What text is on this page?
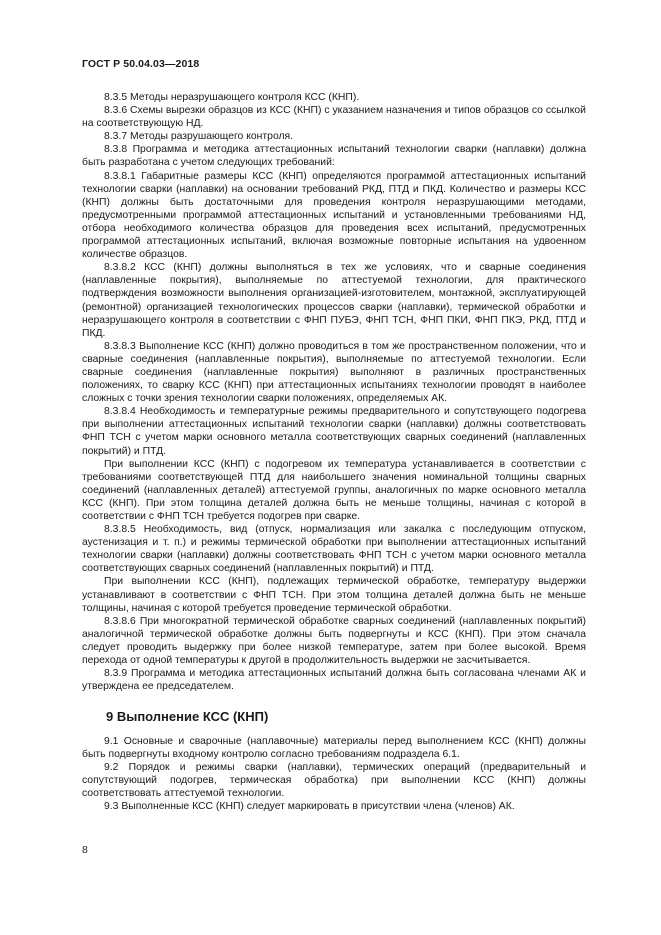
ГОСТ Р 50.04.03—2018

8.3.5 Методы неразрушающего контроля КСС (КНП).

8.3.6 Схемы вырезки образцов из КСС (КНП) с указанием назначения и типов образцов со ссылкой на соответствующую НД.

8.3.7 Методы разрушающего контроля.

8.3.8 Программа и методика аттестационных испытаний технологии сварки (наплавки) должна быть разработана с учетом следующих требований:

8.3.8.1 Габаритные размеры КСС (КНП) определяются программой аттестационных испытаний технологии сварки (наплавки) на основании требований РКД, ПТД и ПКД. Количество и размеры КСС (КНП) должны быть достаточными для проведения контроля неразрушающими методами, предусмотренными программой аттестационных испытаний и установленными требованиями НД, отбора необходимого количества образцов для проведения всех испытаний, предусмотренных программой аттестационных испытаний, включая возможные повторные испытания на удвоенном количестве образцов.

8.3.8.2 КСС (КНП) должны выполняться в тех же условиях, что и сварные соединения (наплавленные покрытия), выполняемые по аттестуемой технологии, для практического подтверждения возможности выполнения организацией-изготовителем, монтажной, эксплуатирующей (ремонтной) организацией технологических процессов сварки (наплавки), термической обработки и неразрушающего контроля в соответствии с ФНП ПУБЭ, ФНП ТСН, ФНП ПКИ, ФНП ПКЭ, РКД, ПТД и ПКД.

8.3.8.3 Выполнение КСС (КНП) должно проводиться в том же пространственном положении, что и сварные соединения (наплавленные покрытия), выполняемые по аттестуемой технологии. Если сварные соединения (наплавленные покрытия) выполняют в различных пространственных положениях, то сварку КСС (КНП) при аттестационных испытаниях технологии проводят в наиболее сложных с точки зрения технологии сварки положениях, определяемых АК.

8.3.8.4 Необходимость и температурные режимы предварительного и сопутствующего подогрева при выполнении аттестационных испытаний технологии сварки (наплавки) должны соответствовать ФНП ТСН с учетом марки основного металла соответствующих сварных соединений (наплавленных покрытий) и ПТД.

При выполнении КСС (КНП) с подогревом их температура устанавливается в соответствии с требованиями соответствующей ПТД для наибольшего значения номинальной толщины сварных соединений (наплавленных деталей) аттестуемой группы, аналогичных по марке основного металла КСС (КНП). При этом толщина деталей должна быть не меньше толщины, начиная с которой в соответствии с ФНП ТСН требуется подогрев при сварке.

8.3.8.5 Необходимость, вид (отпуск, нормализация или закалка с последующим отпуском, аустенизация и т. п.) и режимы термической обработки при выполнении аттестационных испытаний технологии сварки (наплавки) должны соответствовать ФНП ТСН с учетом марки основного металла соответствующих сварных соединений (наплавленных покрытий) и ПТД.

При выполнении КСС (КНП), подлежащих термической обработке, температуру выдержки устанавливают в соответствии с ФНП ТСН. При этом толщина деталей должна быть не меньше толщины, начиная с которой требуется проведение термической обработки.

8.3.8.6 При многократной термической обработке сварных соединений (наплавленных покрытий) аналогичной термической обработке должны быть подвергнуты и КСС (КНП). При этом сначала следует проводить выдержку при более низкой температуре, затем при более высокой. Время перехода от одной температуры к другой в продолжительность выдержки не засчитывается.

8.3.9 Программа и методика аттестационных испытаний должна быть согласована членами АК и утверждена ее председателем.

9 Выполнение КСС (КНП)

9.1 Основные и сварочные (наплавочные) материалы перед выполнением КСС (КНП) должны быть подвергнуты входному контролю согласно требованиям подраздела 6.1.

9.2 Порядок и режимы сварки (наплавки), термических операций (предварительный и сопутствующий подогрев, термическая обработка) при выполнении КСС (КНП) должны соответствовать аттестуемой технологии.

9.3 Выполненные КСС (КНП) следует маркировать в присутствии члена (членов) АК.

8
